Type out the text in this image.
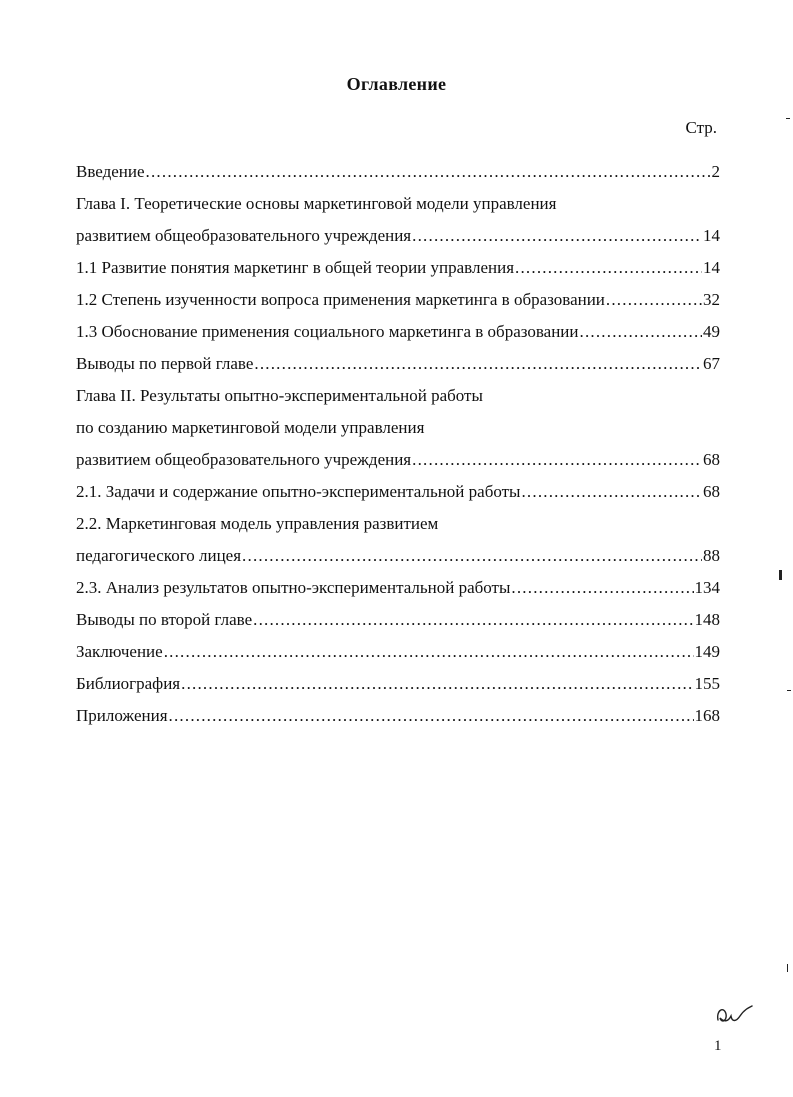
Оглавление
Стр.
Введение .....	2
Глава I. Теоретические основы маркетинговой модели управления
развитием общеобразовательного учреждения .....	14
1.1 Развитие понятия маркетинг в общей теории управления .....	14
1.2 Степень изученности вопроса применения маркетинга в образовании .....	32
1.3 Обоснование применения социального маркетинга в образовании .....	49
Выводы по первой главе .....	67
Глава II. Результаты опытно-экспериментальной работы
по созданию маркетинговой модели управления
развитием общеобразовательного учреждения .....	68
2.1. Задачи и содержание опытно-экспериментальной работы .....	68
2.2. Маркетинговая модель управления развитием
педагогического лицея .....	88
2.3. Анализ результатов опытно-экспериментальной работы .....	134
Выводы по второй главе .....	148
Заключение .....	149
Библиография .....	155
Приложения .....	168
1
